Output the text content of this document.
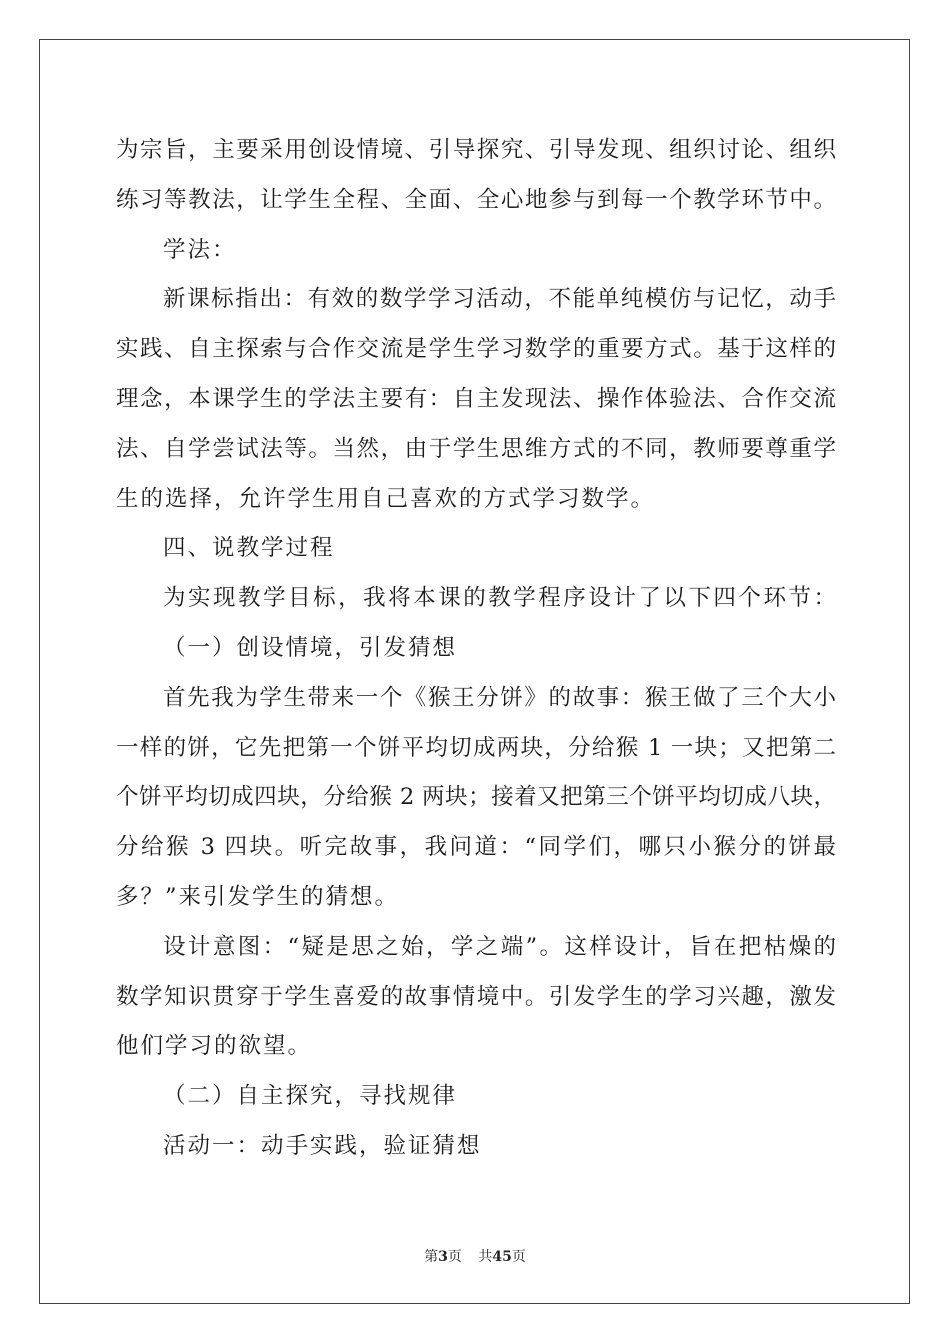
为宗旨，主要采用创设情境、引导探究、引导发现、组织讨论、组织
练习等教法，让学生全程、全面、全心地参与到每一个教学环节中。
学法：
新课标指出：有效的数学学习活动，不能单纯模仿与记忆，动手
实践、自主探索与合作交流是学生学习数学的重要方式。基于这样的
理念，本课学生的学法主要有：自主发现法、操作体验法、合作交流
法、自学尝试法等。当然，由于学生思维方式的不同，教师要尊重学
生的选择，允许学生用自己喜欢的方式学习数学。
四、说教学过程
为实现教学目标，我将本课的教学程序设计了以下四个环节：
（一）创设情境，引发猜想
首先我为学生带来一个《猴王分饼》的故事：猴王做了三个大小
一样的饼，它先把第一个饼平均切成两块，分给猴 1 一块；又把第二
个饼平均切成四块，分给猴 2 两块；接着又把第三个饼平均切成八块，
分给猴 3 四块。听完故事，我问道：“同学们，哪只小猴分的饼最
多？”来引发学生的猜想。
设计意图：“疑是思之始，学之端”。这样设计，旨在把枯燥的
数学知识贯穿于学生喜爱的故事情境中。引发学生的学习兴趣，激发
他们学习的欲望。
（二）自主探究，寻找规律
活动一：动手实践，验证猜想
第3页 共45页
